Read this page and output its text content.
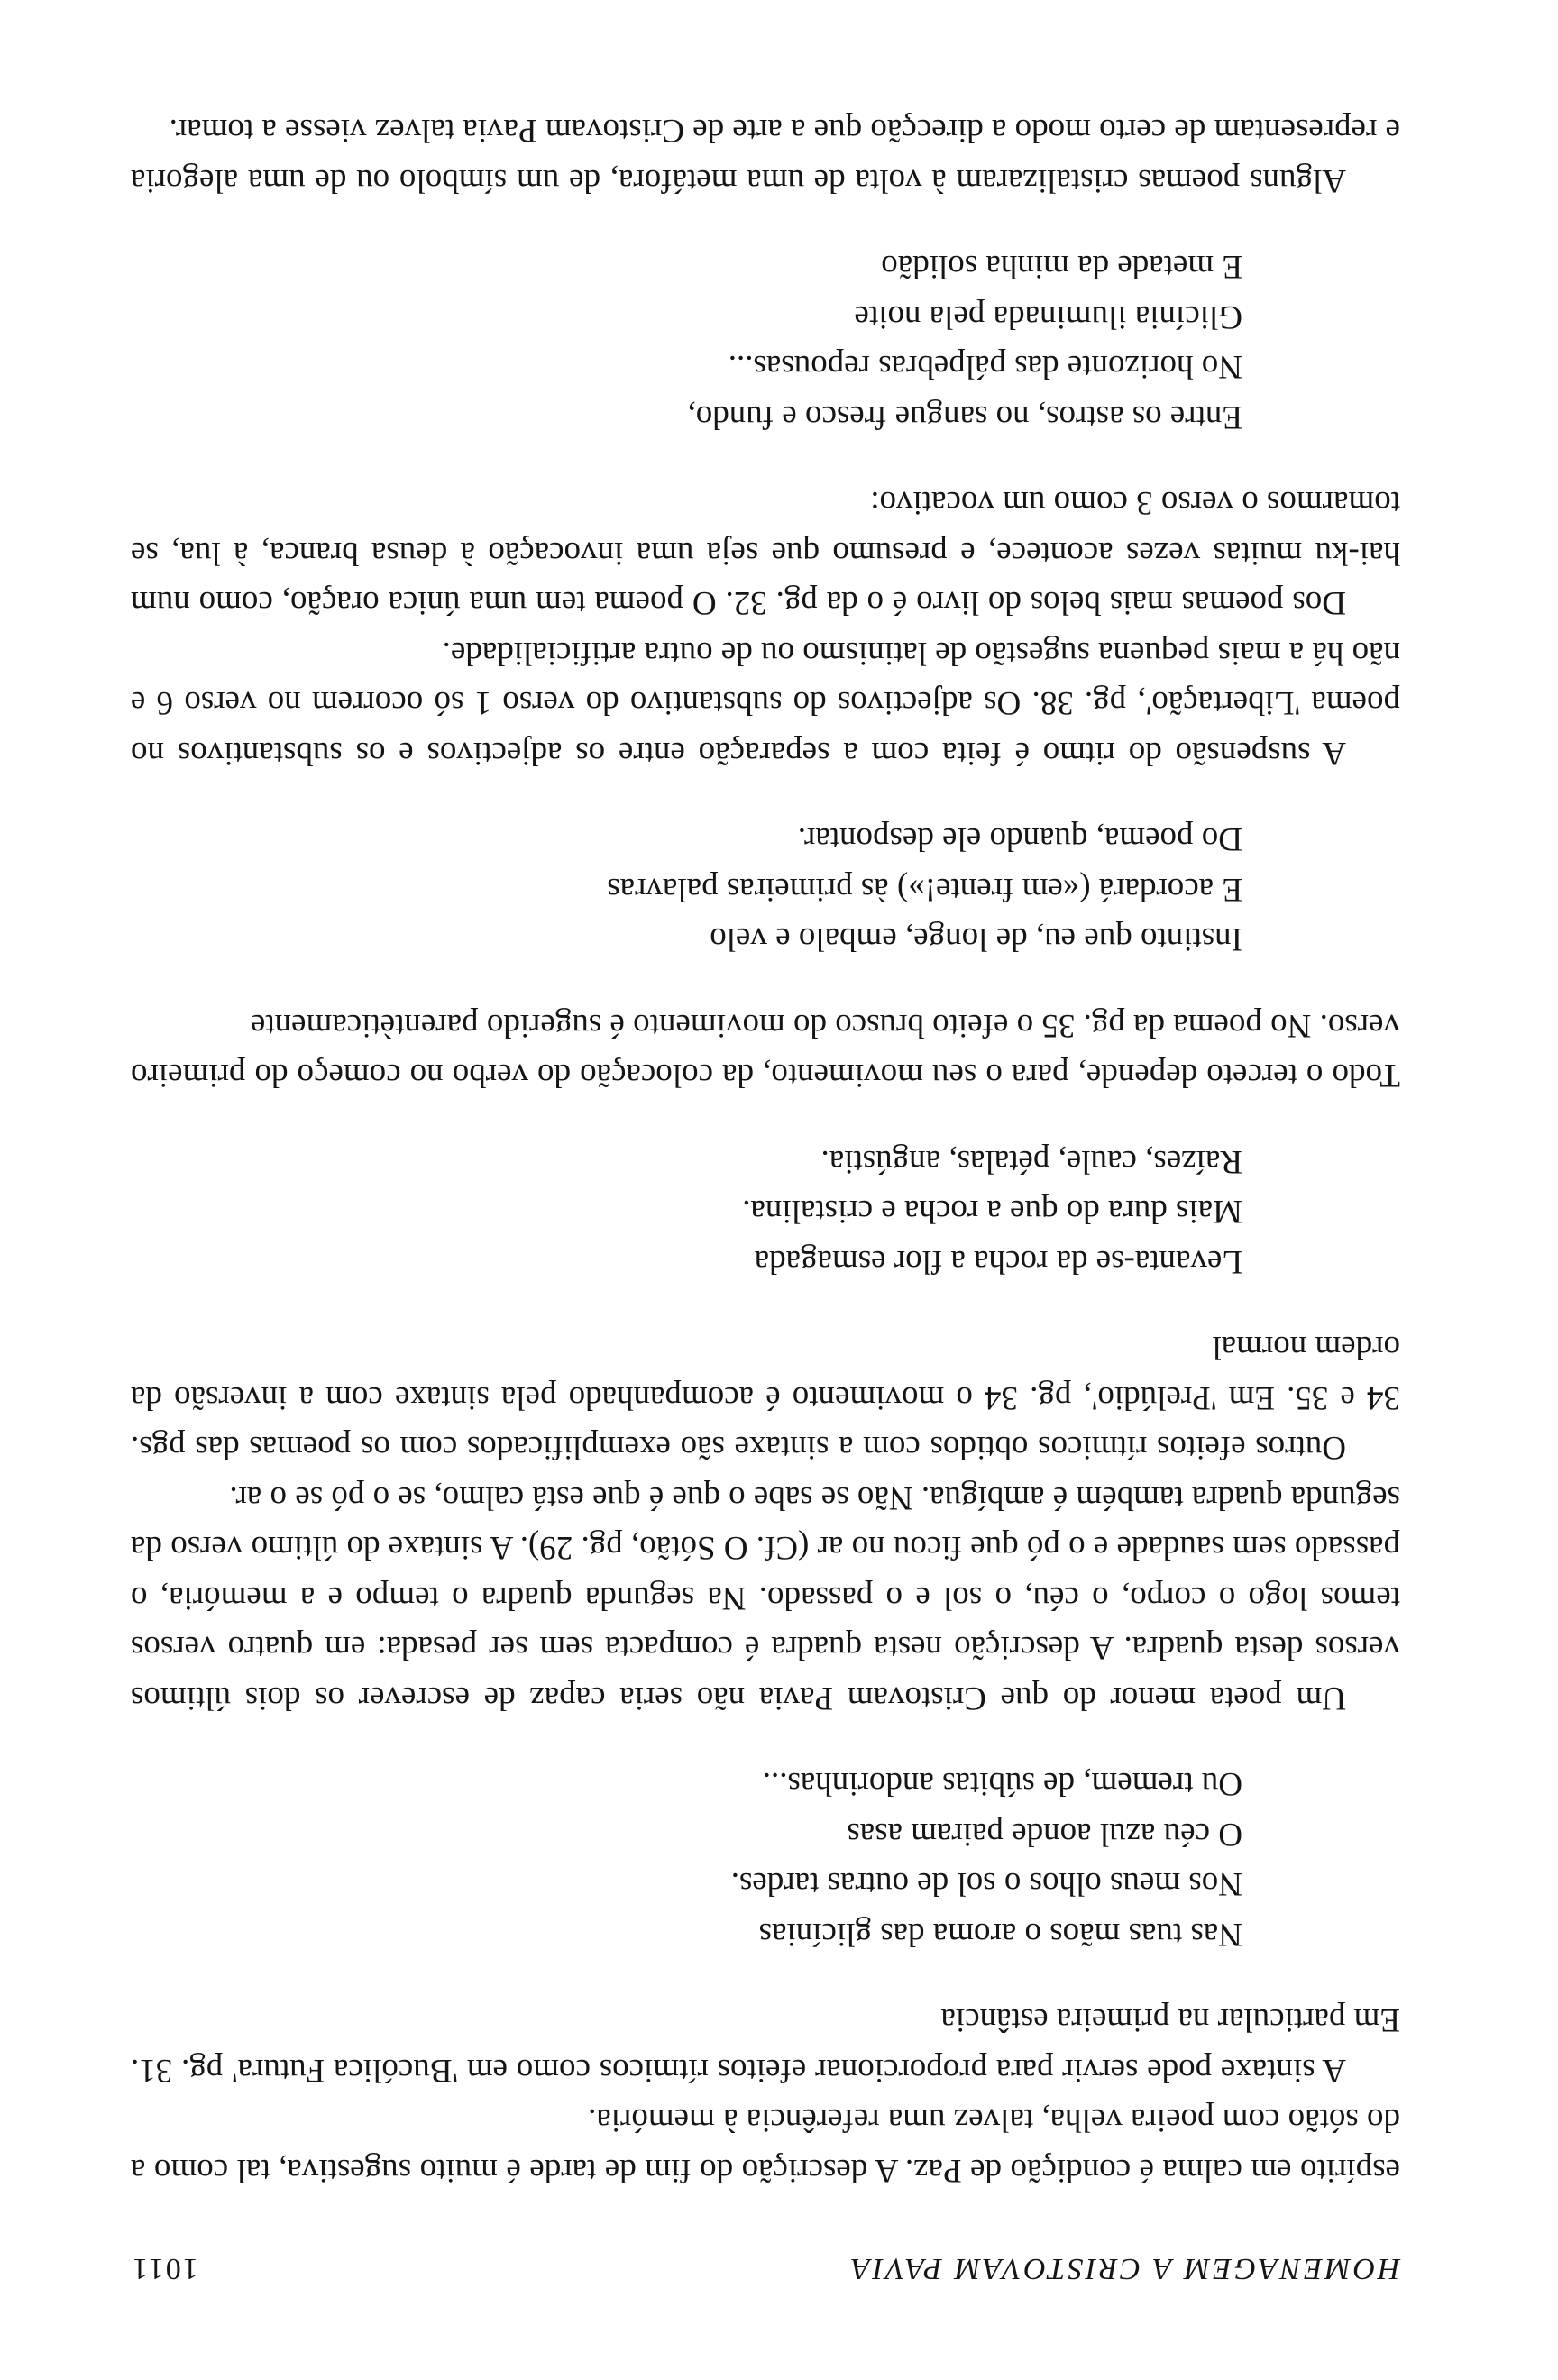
HOMENAGEM A CRISTOVAM PAVIA
1011

espírito em calma é condição de Paz. A descrição do fim de tarde é muito sugestiva, tal como a do sótão com poeira velha, talvez uma referência à memória.

A sintaxe pode servir para proporcionar efeitos rítmicos como em 'Bucólica Futura' pg. 31. Em particular na primeira estância

Nas tuas mãos o aroma das glicínias
Nos meus olhos o sol de outras tardes.
O céu azul aonde pairam asas
Ou tremem, de súbitas andorinhas...

Um poeta menor do que Cristovam Pavia não seria capaz de escrever os dois últimos versos desta quadra. A descrição nesta quadra é compacta sem ser pesada: em quatro versos temos logo o corpo, o céu, o sol e o passado. Na segunda quadra o tempo e a memória, o passado sem saudade e o pó que ficou no ar (Cf. O Sótão, pg. 29). A sintaxe do último verso da segunda quadra também é ambígua. Não se sabe o que é que está calmo, se o pó se o ar.

Outros efeitos rítmicos obtidos com a sintaxe são exemplificados com os poemas das pgs. 34 e 35. Em 'Prelúdio', pg. 34 o movimento é acompanhado pela sintaxe com a inversão da ordem normal

Levanta-se da rocha a flor esmagada
Mais dura do que a rocha e cristalina.
Raízes, caule, pétalas, angústia.

Todo o terceto depende, para o seu movimento, da colocação do verbo no começo do primeiro verso. No poema da pg. 35 o efeito brusco do movimento é sugerido parentèticamente

Instinto que eu, de longe, embalo e velo
E acordará («em frente!») às primeiras palavras
Do poema, quando ele despontar.

A suspensão do ritmo é feita com a separação entre os adjectivos e os substantivos no poema 'Libertação', pg. 38. Os adjectivos do substantivo do verso 1 só ocorrem no verso 6 e não há a mais pequena sugestão de latinismo ou de outra artificialidade.

Dos poemas mais belos do livro é o da pg. 32. O poema tem uma única oração, como num hai-ku muitas vezes acontece, e presumo que seja uma invocação à deusa branca, à lua, se tomarmos o verso 3 como um vocativo:

Entre os astros, no sangue fresco e fundo,
No horizonte das pálpebras repousas...
Glicínia iluminada pela noite
E metade da minha solidão

Alguns poemas cristalizaram à volta de uma metáfora, de um símbolo ou de uma alegoria e representam de certo modo a direcção que a arte de Cristovam Pavia talvez viesse a tomar.
